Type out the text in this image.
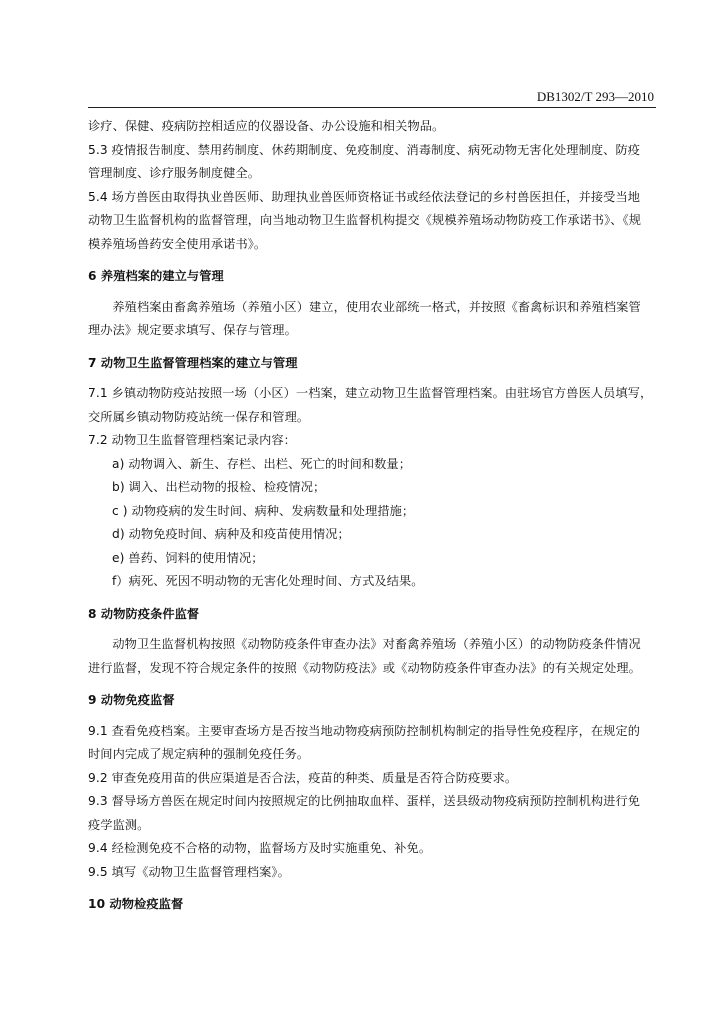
DB1302/T 293—2010

诊疗、保健、疫病防控相适应的仪器设备、办公设施和相关物品。

5.3 疫情报告制度、禁用药制度、休药期制度、免疫制度、消毒制度、病死动物无害化处理制度、防疫

管理制度、诊疗服务制度健全。

5.4 场方兽医由取得执业兽医师、助理执业兽医师资格证书或经依法登记的乡村兽医担任，并接受当地

动物卫生监督机构的监督管理，向当地动物卫生监督机构提交《规模养殖场动物防疫工作承诺书》、《规

模养殖场兽药安全使用承诺书》。

6 养殖档案的建立与管理

养殖档案由畜禽养殖场（养殖小区）建立，使用农业部统一格式，并按照《畜禽标识和养殖档案管

理办法》规定要求填写、保存与管理。

7 动物卫生监督管理档案的建立与管理

7.1 乡镇动物防疫站按照一场（小区）一档案，建立动物卫生监督管理档案。由驻场官方兽医人员填写，

交所属乡镇动物防疫站统一保存和管理。

7.2 动物卫生监督管理档案记录内容：

a) 动物调入、新生、存栏、出栏、死亡的时间和数量；

b) 调入、出栏动物的报检、检疫情况；

c ) 动物疫病的发生时间、病种、发病数量和处理措施；

d) 动物免疫时间、病种及和疫苗使用情况；

e) 兽药、饲料的使用情况；

f）病死、死因不明动物的无害化处理时间、方式及结果。

8 动物防疫条件监督

动物卫生监督机构按照《动物防疫条件审查办法》对畜禽养殖场（养殖小区）的动物防疫条件情况

进行监督，发现不符合规定条件的按照《动物防疫法》或《动物防疫条件审查办法》的有关规定处理。

9 动物免疫监督

9.1 查看免疫档案。主要审查场方是否按当地动物疫病预防控制机构制定的指导性免疫程序，在规定的

时间内完成了规定病种的强制免疫任务。

9.2 审查免疫用苗的供应渠道是否合法，疫苗的种类、质量是否符合防疫要求。

9.3 督导场方兽医在规定时间内按照规定的比例抽取血样、蛋样，送县级动物疫病预防控制机构进行免

疫学监测。

9.4 经检测免疫不合格的动物，监督场方及时实施重免、补免。

9.5 填写《动物卫生监督管理档案》。

10 动物检疫监督
